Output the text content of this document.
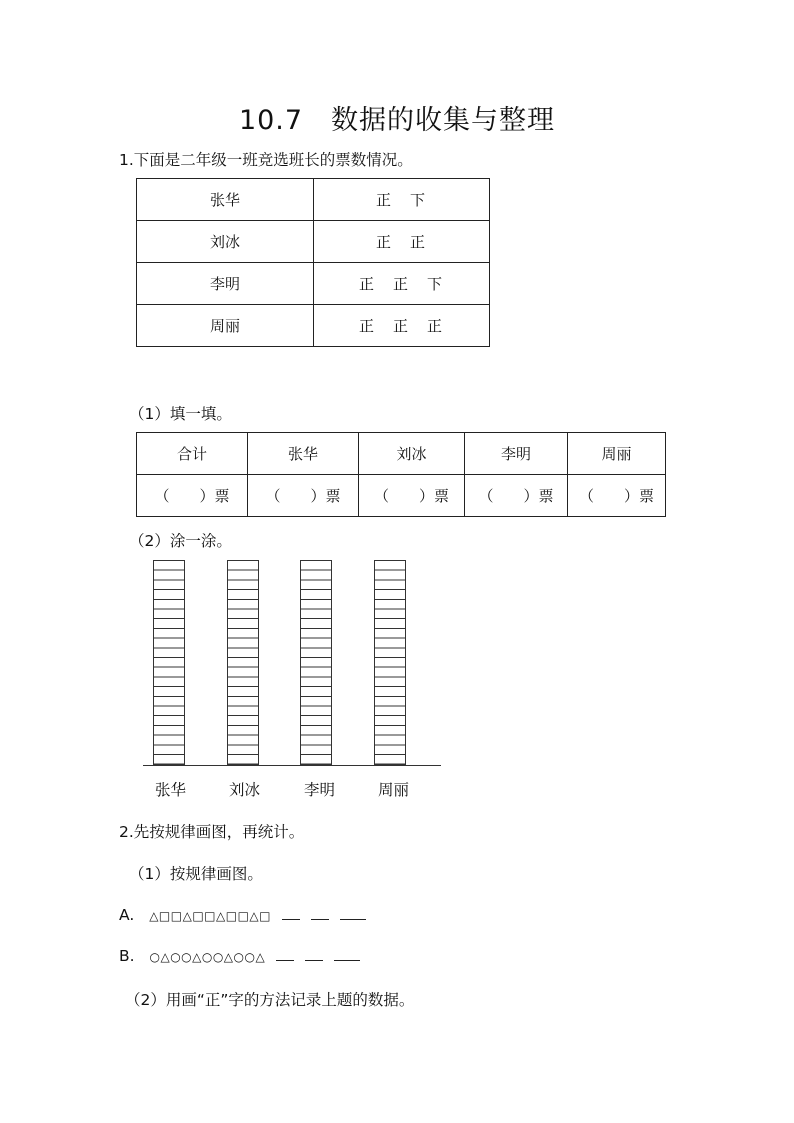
10.7　数据的收集与整理
1.下面是二年级一班竞选班长的票数情况。
张华	正　下
刘冰	正　正
李明	正　正　下
周丽	正　正　正
（1）填一填。
合计	张华	刘冰	李明	周丽
（　　）票	（　　）票	（　　）票	（　　）票	（　　）票
（2）涂一涂。
张华	刘冰	李明	周丽
2.先按规律画图，再统计。
（1）按规律画图。
A. △□□△□□△□□△□
B. ○△○○△○○△○○△
（2）用画“正”字的方法记录上题的数据。
